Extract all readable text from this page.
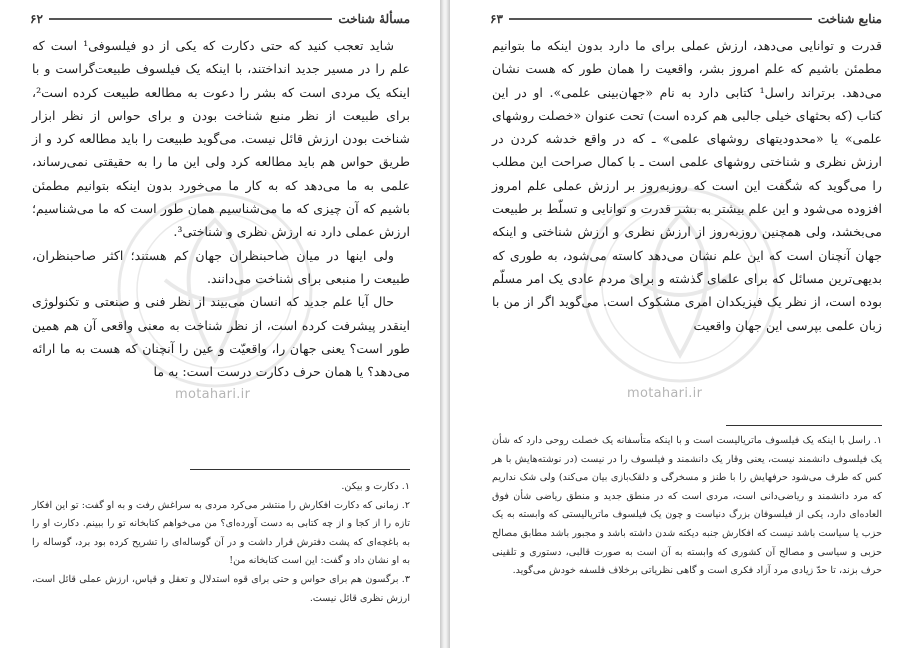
۶۲	مسألهٔ شناخت
motahari.ir

شاید تعجب کنید که حتی دکارت که یکی از دو فیلسوفی¹ است که علم را در مسیر جدید انداختند، با اینکه یک فیلسوف طبیعت‌گراست و با اینکه یک مردی است که بشر را دعوت به مطالعه طبیعت کرده است²، برای طبیعت از نظر منبع شناخت بودن و برای حواس از نظر ابزار شناخت بودن ارزش قائل نیست. می‌گوید طبیعت را باید مطالعه کرد و از طریق حواس هم باید مطالعه کرد ولی این ما را به حقیقتی نمی‌رساند، علمی به ما می‌دهد که به کار ما می‌خورد بدون اینکه بتوانیم مطمئن باشیم که آن چیزی که ما می‌شناسیم همان طور است که ما می‌شناسیم؛ ارزش عملی دارد نه ارزش نظری و شناختی³.

ولی اینها در میان صاحبنظران جهان کم هستند؛ اکثر صاحبنظران، طبیعت را منبعی برای شناخت می‌دانند.

حال آیا علم جدید که انسان می‌بیند از نظر فنی و صنعتی و تکنولوژی اینقدر پیشرفت کرده است، از نظر شناخت به معنی واقعی آن هم همین طور است؟ یعنی جهان را، واقعیّت و عین را آنچنان که هست به ما ارائه می‌دهد؟ یا همان حرف دکارت درست است: به ما

۱. دکارت و بیکن.

۲. زمانی که دکارت افکارش را منتشر می‌کرد مردی به سراغش رفت و به او گفت: تو این افکار تازه را از کجا و از چه کتابی به دست آورده‌ای؟ من می‌خواهم کتابخانه تو را ببینم. دکارت او را به باغچه‌ای که پشت دفترش قرار داشت و در آن گوساله‌ای را تشریح کرده بود برد، گوساله را به او نشان داد و گفت: این است کتابخانه من!

۳. برگسون هم برای حواس و حتی برای قوه استدلال و تعقل و قیاس، ارزش عملی قائل است، ارزش نظری قائل نیست.

۶۳	منابع شناخت
motahari.ir

قدرت و توانایی می‌دهد، ارزش عملی برای ما دارد بدون اینکه ما بتوانیم مطمئن باشیم که علم امروز بشر، واقعیت را همان طور که هست نشان می‌دهد. برتراند راسل¹ کتابی دارد به نام «جهان‌بینی علمی». او در این کتاب (که بحثهای خیلی جالبی هم کرده است) تحت عنوان «خصلت روشهای علمی» یا «محدودیتهای روشهای علمی» ـ که در واقع خدشه کردن در ارزش نظری و شناختی روشهای علمی است ـ با کمال صراحت این مطلب را می‌گوید که شگفت این است که روزبه‌روز بر ارزش عملی علم امروز افزوده می‌شود و این علم بیشتر به بشر قدرت و توانایی و تسلّط بر طبیعت می‌بخشد، ولی همچنین روزبه‌روز از ارزش نظری و ارزش شناختی و اینکه جهان آنچنان است که این علم نشان می‌دهد کاسته می‌شود، به طوری که بدیهی‌ترین مسائل که برای علمای گذشته و برای مردم عادی یک امر مسلّم بوده است، از نظر یک فیزیکدان امری مشکوک است. می‌گوید اگر از من با زبان علمی بپرسی این جهان واقعیت

۱. راسل با اینکه یک فیلسوف ماتریالیست است و با اینکه متأسفانه یک خصلت روحی دارد که شأن یک فیلسوف دانشمند نیست، یعنی وقار یک دانشمند و فیلسوف را در نیست (در نوشته‌هایش با هر کس که طرف می‌شود حرفهایش را با طنز و مسخرگی و دلقک‌بازی بیان می‌کند) ولی شک نداریم که مرد دانشمند و ریاضی‌دانی است، مردی است که در منطق جدید و منطق ریاضی شأن فوق العاده‌ای دارد، یکی از فیلسوفان بزرگ دنیاست و چون یک فیلسوف ماتریالیستی که وابسته به یک حزب یا سیاست باشد نیست که افکارش جنبه دیکته شدن داشته باشد و مجبور باشد مطابق مصالح حزبی و سیاسی و مصالح آن کشوری که وابسته به آن است به صورت قالبی، دستوری و تلقینی حرف بزند، تا حدّ زیادی مرد آزاد فکری است و گاهی نظریاتی برخلاف فلسفه خودش می‌گوید.
